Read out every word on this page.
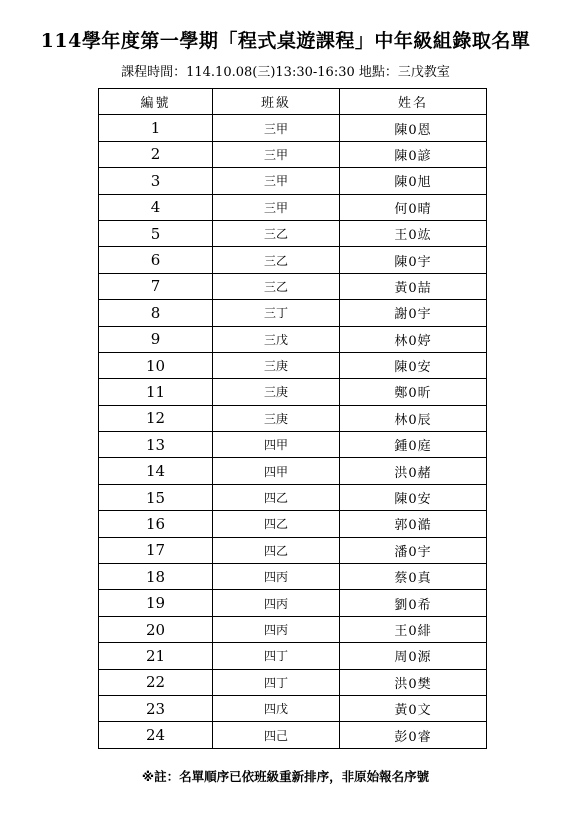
114學年度第一學期「程式桌遊課程」中年級組錄取名單
課程時間：114.10.08(三)13:30-16:30 地點：三戊教室
編號	班級	姓名
1	三甲	陳0恩
2	三甲	陳0諺
3	三甲	陳0旭
4	三甲	何0晴
5	三乙	王0竑
6	三乙	陳0宇
7	三乙	黃0喆
8	三丁	謝0宇
9	三戊	林0婷
10	三庚	陳0安
11	三庚	鄭0昕
12	三庚	林0辰
13	四甲	鍾0庭
14	四甲	洪0赭
15	四乙	陳0安
16	四乙	郭0澔
17	四乙	潘0宇
18	四丙	蔡0真
19	四丙	劉0希
20	四丙	王0緋
21	四丁	周0源
22	四丁	洪0樊
23	四戊	黃0文
24	四己	彭0睿
※註：名單順序已依班級重新排序，非原始報名序號
